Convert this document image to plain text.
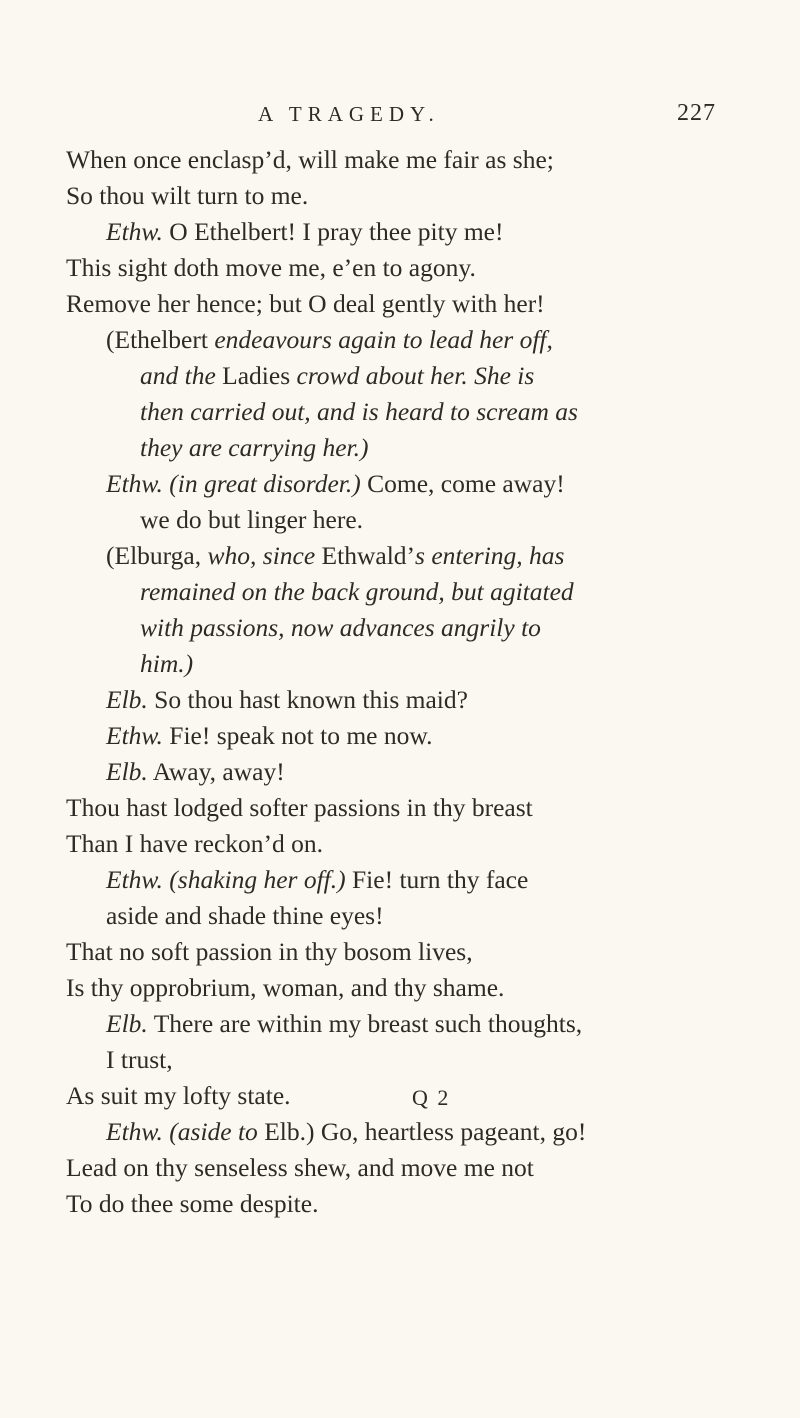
A TRAGEDY.	227
When once enclasp’d, will make me fair as she;
So thou wilt turn to me.
Ethw. O Ethelbert! I pray thee pity me!
This sight doth move me, e’en to agony.
Remove her hence; but O deal gently with her!
(Ethelbert endeavours again to lead her off,
and the Ladies crowd about her. She is
then carried out, and is heard to scream as
they are carrying her.)
Ethw. (in great disorder.) Come, come away!
we do but linger here.
(Elburga, who, since Ethwald’s entering, has
remained on the back ground, but agitated
with passions, now advances angrily to
him.)
Elb. So thou hast known this maid?
Ethw. Fie! speak not to me now.
Elb. Away, away!
Thou hast lodged softer passions in thy breast
Than I have reckon’d on.
Ethw. (shaking her off.) Fie! turn thy face
aside and shade thine eyes!
That no soft passion in thy bosom lives,
Is thy opprobrium, woman, and thy shame.
Elb. There are within my breast such thoughts,
I trust,
As suit my lofty state.
Ethw. (aside to Elb.) Go, heartless pageant, go!
Lead on thy senseless shew, and move me not
To do thee some despite.
Q 2
